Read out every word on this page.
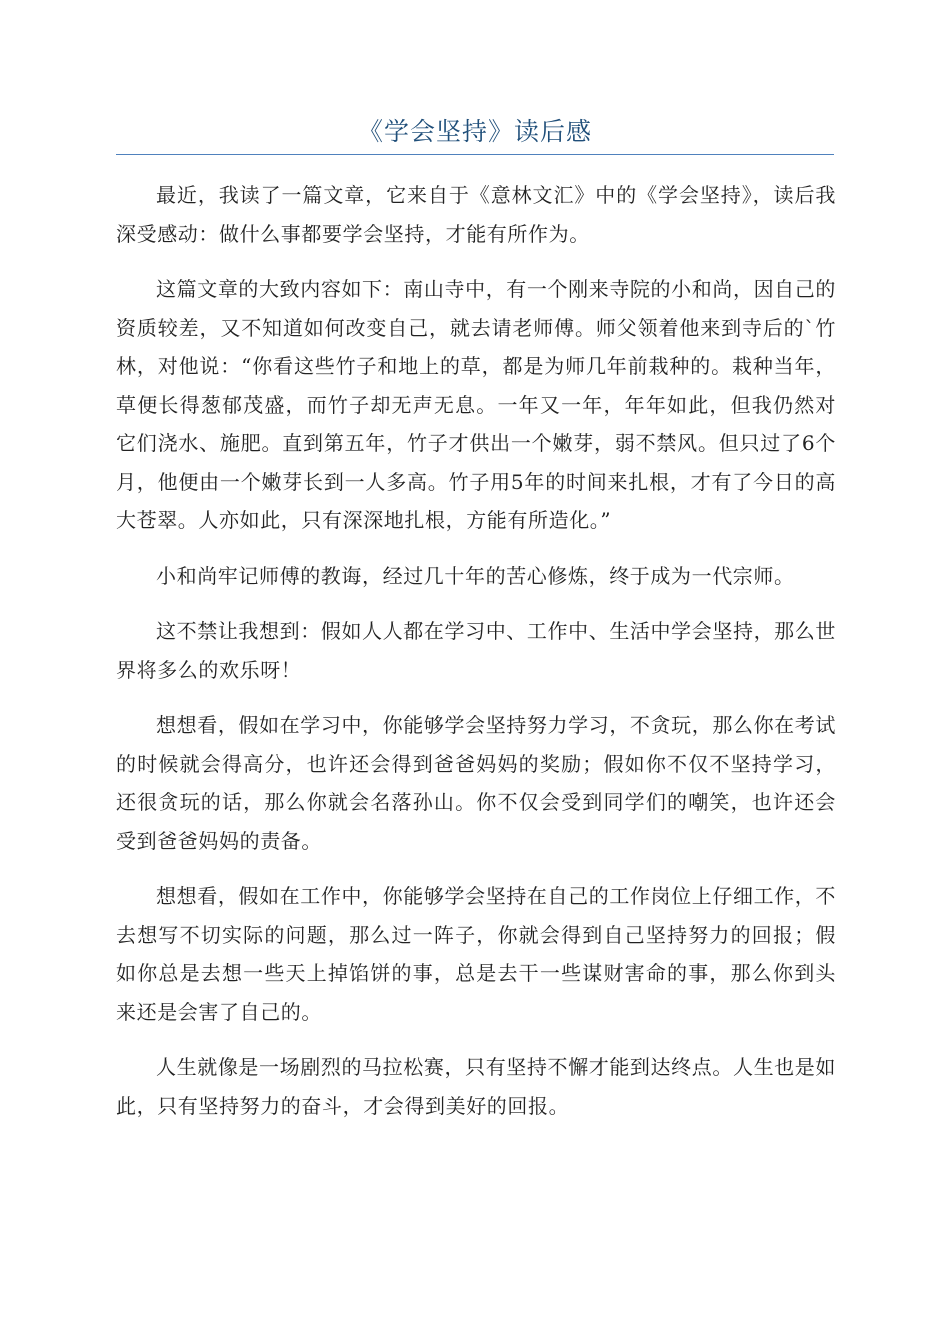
《学会坚持》读后感

最近，我读了一篇文章，它来自于《意林文汇》中的《学会坚持》，读后我深受感动：做什么事都要学会坚持，才能有所作为。

这篇文章的大致内容如下：南山寺中，有一个刚来寺院的小和尚，因自己的资质较差，又不知道如何改变自己，就去请老师傅。师父领着他来到寺后的`竹林，对他说：“你看这些竹子和地上的草，都是为师几年前栽种的。栽种当年，草便长得葱郁茂盛，而竹子却无声无息。一年又一年，年年如此，但我仍然对它们浇水、施肥。直到第五年，竹子才供出一个嫩芽，弱不禁风。但只过了6个月，他便由一个嫩芽长到一人多高。竹子用5年的时间来扎根，才有了今日的高大苍翠。人亦如此，只有深深地扎根，方能有所造化。”

小和尚牢记师傅的教诲，经过几十年的苦心修炼，终于成为一代宗师。

这不禁让我想到：假如人人都在学习中、工作中、生活中学会坚持，那么世界将多么的欢乐呀！

想想看，假如在学习中，你能够学会坚持努力学习，不贪玩，那么你在考试的时候就会得高分，也许还会得到爸爸妈妈的奖励；假如你不仅不坚持学习，还很贪玩的话，那么你就会名落孙山。你不仅会受到同学们的嘲笑，也许还会受到爸爸妈妈的责备。

想想看，假如在工作中，你能够学会坚持在自己的工作岗位上仔细工作，不去想写不切实际的问题，那么过一阵子，你就会得到自己坚持努力的回报；假如你总是去想一些天上掉馅饼的事，总是去干一些谋财害命的事，那么你到头来还是会害了自己的。

人生就像是一场剧烈的马拉松赛，只有坚持不懈才能到达终点。人生也是如此，只有坚持努力的奋斗，才会得到美好的回报。
